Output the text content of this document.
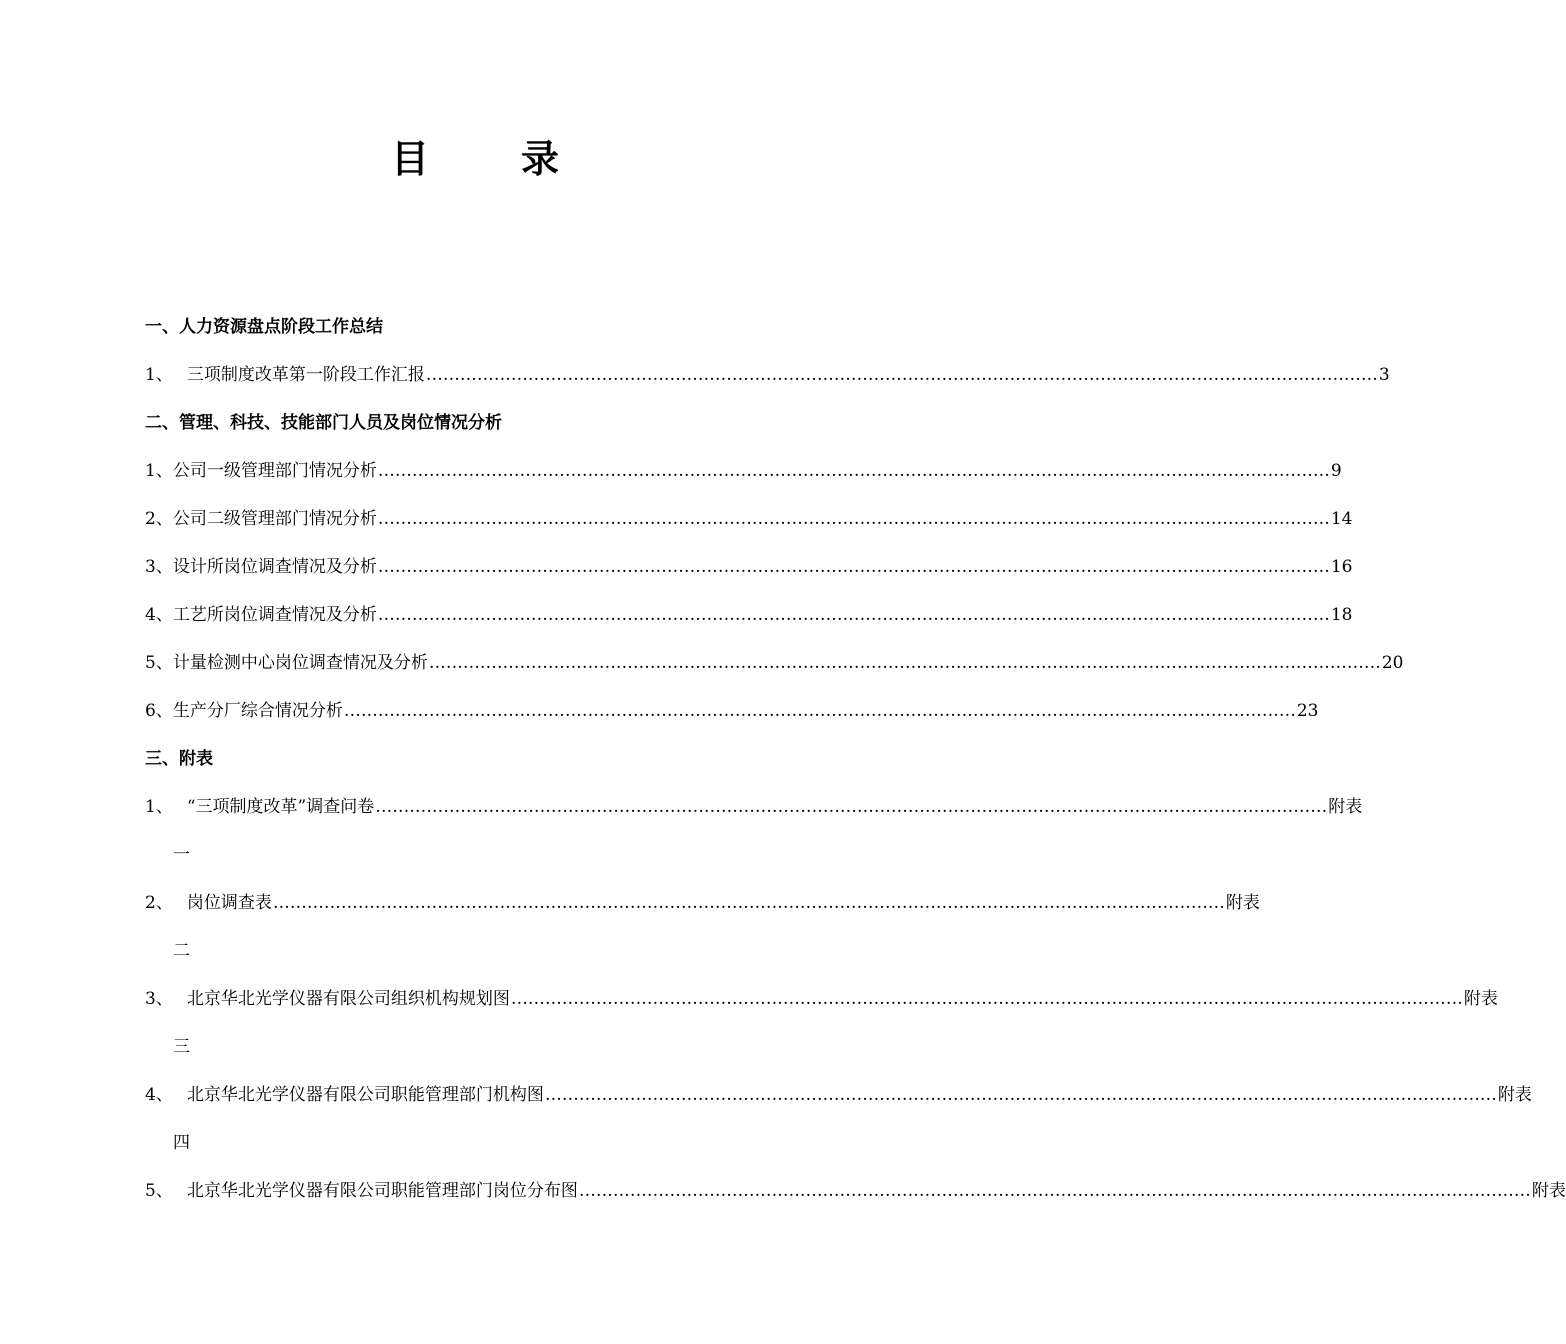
目 录
一、人力资源盘点阶段工作总结
1、 三项制度改革第一阶段工作汇报 …………………………………………………………………………………………………………………………………………………… 3
二、管理、科技、技能部门人员及岗位情况分析
1、 公司一级管理部门情况分析 …………………………………………………………………………………………………………………………………………………… 9
2、 公司二级管理部门情况分析 …………………………………………………………………………………………………………………………………………………… 14
3、 设计所岗位调查情况及分析 …………………………………………………………………………………………………………………………………………………… 16
4、 工艺所岗位调查情况及分析 …………………………………………………………………………………………………………………………………………………… 18
5、 计量检测中心岗位调查情况及分析 …………………………………………………………………………………………………………………………………………………… 20
6、 生产分厂综合情况分析 …………………………………………………………………………………………………………………………………………………… 23
三、附表
1、 “三项制度改革”调查问卷 …………………………………………………………………………………………………………………………………………………… 附表
一
2、 岗位调查表 …………………………………………………………………………………………………………………………………………………… 附表
二
3、 北京华北光学仪器有限公司组织机构规划图 …………………………………………………………………………………………………………………………………………………… 附表
三
4、 北京华北光学仪器有限公司职能管理部门机构图 …………………………………………………………………………………………………………………………………………………… 附表
四
5、 北京华北光学仪器有限公司职能管理部门岗位分布图 …………………………………………………………………………………………………………………………………………………… 附表
